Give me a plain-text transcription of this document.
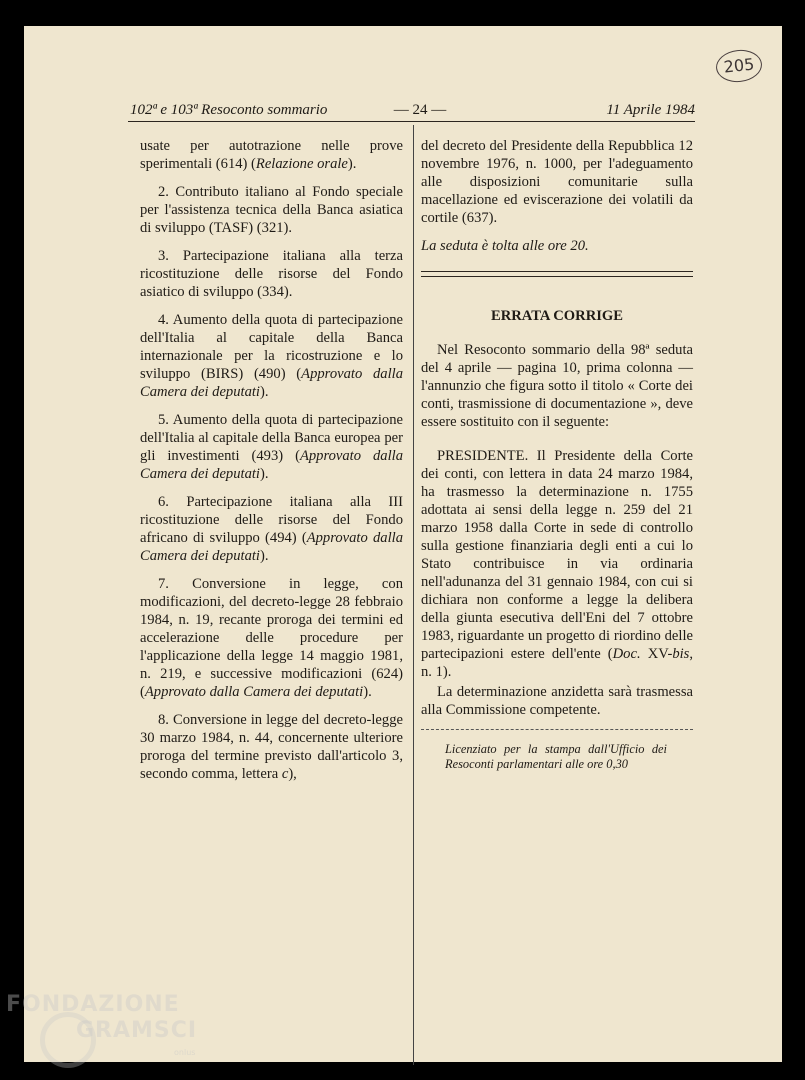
205
102ª e 103ª Resoconto sommario	— 24 —	11 Aprile 1984

usate per autotrazione nelle prove sperimentali (614) (Relazione orale).

2. Contributo italiano al Fondo speciale per l'assistenza tecnica della Banca asiatica di sviluppo (TASF) (321).

3. Partecipazione italiana alla terza ricostituzione delle risorse del Fondo asiatico di sviluppo (334).

4. Aumento della quota di partecipazione dell'Italia al capitale della Banca internazionale per la ricostruzione e lo sviluppo (BIRS) (490) (Approvato dalla Camera dei deputati).

5. Aumento della quota di partecipazione dell'Italia al capitale della Banca europea per gli investimenti (493) (Approvato dalla Camera dei deputati).

6. Partecipazione italiana alla III ricostituzione delle risorse del Fondo africano di sviluppo (494) (Approvato dalla Camera dei deputati).

7. Conversione in legge, con modificazioni, del decreto-legge 28 febbraio 1984, n. 19, recante proroga dei termini ed accelerazione delle procedure per l'applicazione della legge 14 maggio 1981, n. 219, e successive modificazioni (624) (Approvato dalla Camera dei deputati).

8. Conversione in legge del decreto-legge 30 marzo 1984, n. 44, concernente ulteriore proroga del termine previsto dall'articolo 3, secondo comma, lettera c),

del decreto del Presidente della Repubblica 12 novembre 1976, n. 1000, per l'adeguamento alle disposizioni comunitarie sulla macellazione ed eviscerazione dei volatili da cortile (637).

La seduta è tolta alle ore 20.

ERRATA CORRIGE

Nel Resoconto sommario della 98ª seduta del 4 aprile — pagina 10, prima colonna — l'annunzio che figura sotto il titolo « Corte dei conti, trasmissione di documentazione », deve essere sostituito con il seguente:

PRESIDENTE. Il Presidente della Corte dei conti, con lettera in data 24 marzo 1984, ha trasmesso la determinazione n. 1755 adottata ai sensi della legge n. 259 del 21 marzo 1958 dalla Corte in sede di controllo sulla gestione finanziaria degli enti a cui lo Stato contribuisce in via ordinaria nell'adunanza del 31 gennaio 1984, con cui si dichiara non conforme a legge la delibera della giunta esecutiva dell'Eni del 7 ottobre 1983, riguardante un progetto di riordino delle partecipazioni estere dell'ente (Doc. XV-bis, n. 1).

La determinazione anzidetta sarà trasmessa alla Commissione competente.

Licenziato per la stampa dall'Ufficio dei Resoconti parlamentari alle ore 0,30

FONDAZIONE
GRAMSCI
onlus
